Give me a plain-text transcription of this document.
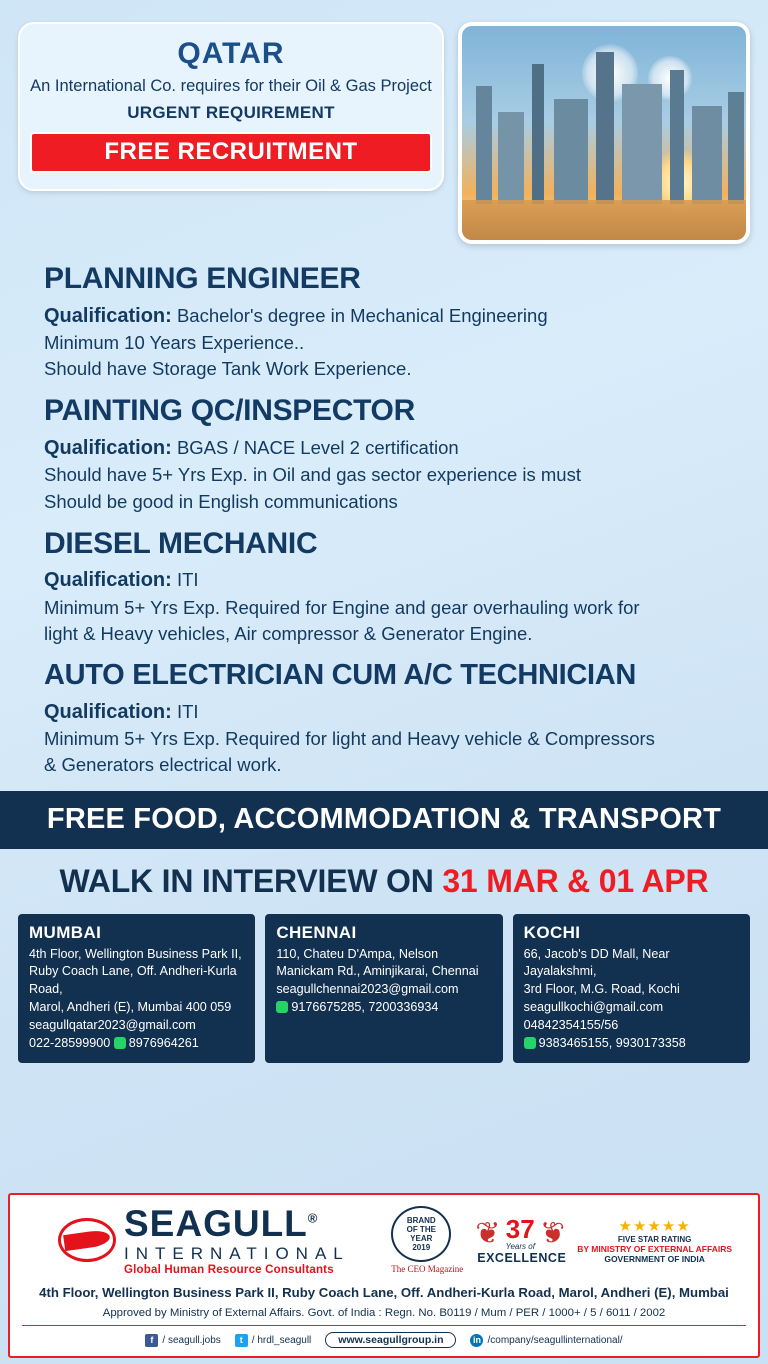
QATAR
An International Co. requires for their Oil & Gas Project
URGENT REQUIREMENT
FREE RECRUITMENT
PLANNING ENGINEER
Qualification: Bachelor's degree in Mechanical Engineering
Minimum 10 Years Experience..
Should have Storage Tank Work Experience.
PAINTING QC/INSPECTOR
Qualification: BGAS / NACE Level 2 certification
Should have 5+ Yrs Exp. in Oil and gas sector experience is must
Should be good in English communications
DIESEL MECHANIC
Qualification: ITI
Minimum 5+ Yrs Exp. Required for Engine and gear overhauling work for
light & Heavy vehicles, Air compressor & Generator Engine.
AUTO ELECTRICIAN CUM A/C TECHNICIAN
Qualification: ITI
Minimum 5+ Yrs Exp. Required for light and Heavy vehicle & Compressors
& Generators electrical work.
FREE FOOD, ACCOMMODATION & TRANSPORT
WALK IN INTERVIEW ON 31 MAR & 01 APR
MUMBAI
4th Floor, Wellington Business Park II,
Ruby Coach Lane, Off. Andheri-Kurla Road,
Marol, Andheri (E), Mumbai 400 059
seagullqatar2023@gmail.com
022-28599900 8976964261
CHENNAI
110, Chateu D'Ampa, Nelson
Manickam Rd., Aminjikarai, Chennai
seagullchennai2023@gmail.com
9176675285, 7200336934
KOCHI
66, Jacob's DD Mall, Near Jayalakshmi,
3rd Floor, M.G. Road, Kochi
seagullkochi@gmail.com 04842354155/56
9383465155, 9930173358
SEAGULL®
INTERNATIONAL
Global Human Resource Consultants
BRAND
OF THE
YEAR
2019
The CEO Magazine
❦ ❦
37
Years of
EXCELLENCE
★★★★★
FIVE STAR RATING
BY MINISTRY OF EXTERNAL AFFAIRS
GOVERNMENT OF INDIA
4th Floor, Wellington Business Park II, Ruby Coach Lane, Off. Andheri-Kurla Road, Marol, Andheri (E), Mumbai
Approved by Ministry of External Affairs. Govt. of India : Regn. No. B0119 / Mum / PER / 1000+ / 5 / 6011 / 2002
f / seagull.jobs	t / hrdl_seagull	www.seagullgroup.in	in /company/seagullinternational/
